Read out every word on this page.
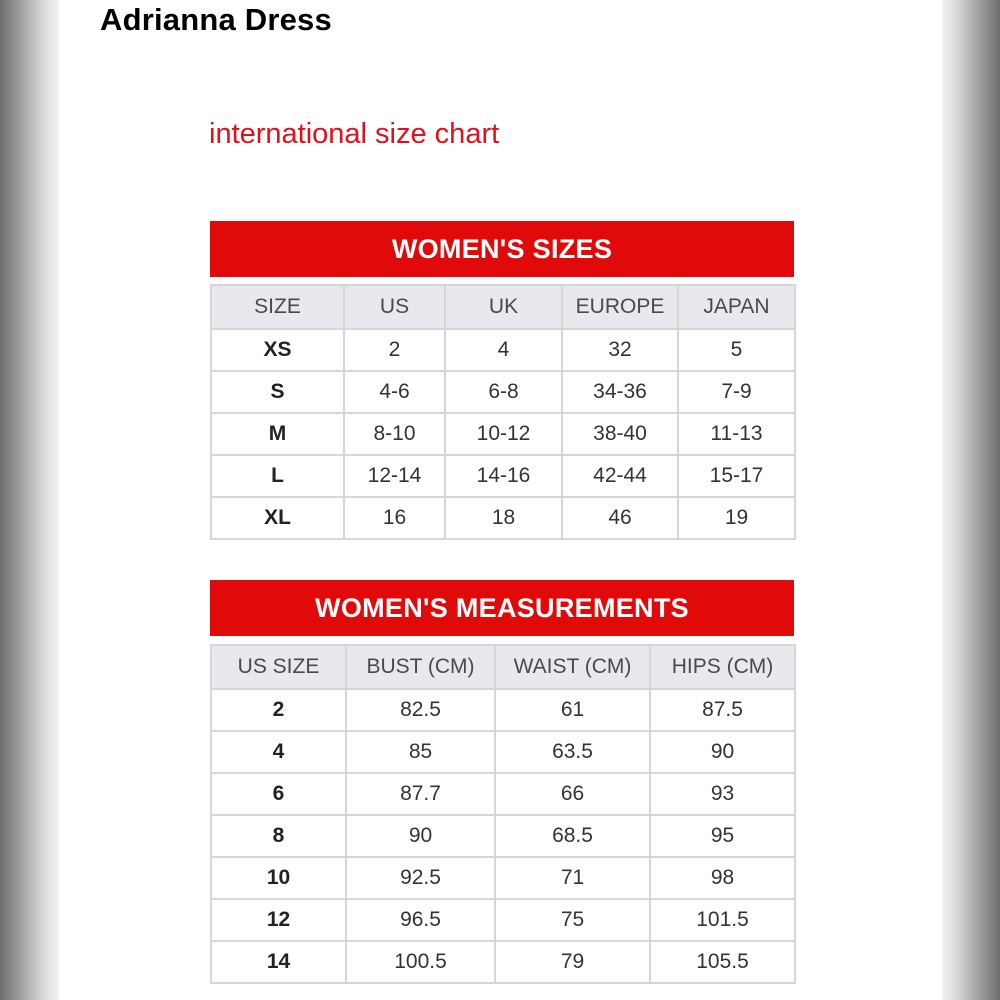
Adrianna Dress
international size chart
WOMEN'S SIZES
SIZE	US	UK	EUROPE	JAPAN
XS	2	4	32	5
S	4-6	6-8	34-36	7-9
M	8-10	10-12	38-40	11-13
L	12-14	14-16	42-44	15-17
XL	16	18	46	19
WOMEN'S MEASUREMENTS
US SIZE	BUST (CM)	WAIST (CM)	HIPS (CM)
2	82.5	61	87.5
4	85	63.5	90
6	87.7	66	93
8	90	68.5	95
10	92.5	71	98
12	96.5	75	101.5
14	100.5	79	105.5
